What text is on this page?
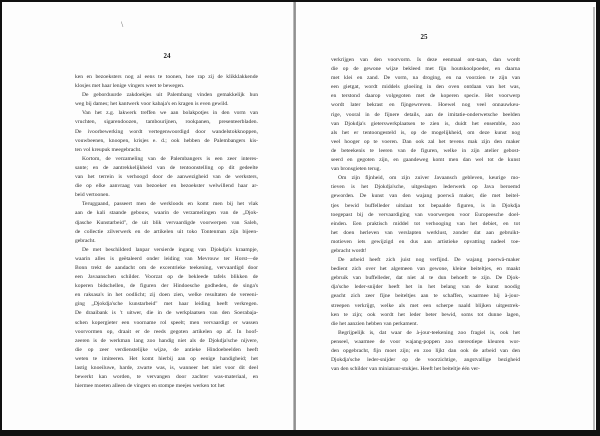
\
24
ken en bezoeksters nog al eens te toonen, hoe rap zij de klikklakkende
klosjes met haar lenige vingers weet te bewegen.
De geborduurde zakdoekjes uit Palembang vinden gemakkelijk hun
weg bij dames; het kantwerk voor kabaja's en kragen is even gewild.
Van het z.g. lakwerk treffen we aan bolakpotjes in den vorm van
vruchten, sigarendoozen, tambourijnen, rookpanen, presenteerbladen.
De ivoorbewerking wordt vertegenwoordigd door wandelstokknoppen,
vouwbeenen, knoopen, krisjes e. d.; ook hebben de Palembangers kis-
ten vol kreupuk meegebracht.
Kortom, de verzameling van de Palembangers is een zeer interes-
sante; en de aantrekkelijkheid van de tentoonstelling op dit gedeelte
van het terrein is verhoogd door de aanwezigheid van de werksters,
die op elke aanvraag van bezoeker en bezoekster welwillend haar ar-
beid vertoonen.
Teruggaand, passeert men de werkloods en komt men bij het vlak
aan de kali staande gebouw, waarin de verzamelingen van de „Djok-
djasche Kunstarbeid", de uit blik vervaardigde voorwerpen van Saleh,
de collectie zilverwerk en de artikelen uit toko Tontenman zijn bijeen-
gebracht.
De met beschilderd lanpar versierde ingang van Djokdja's kraampje,
waarin alles is geëtaleerd onder leiding van Mevrouw ter Horst—de
Bonn trekt de aandacht om de excentrieke teekening, vervaardigd door
een Javaanschen schilder. Voorzat op de bekleede tafels blikken de
koperen bidschellen, de figuren der Hindoesche godheden, de singa's
en raksasa's in het oodlicht; zij doen zien, welke resultaten de vereeni-
ging „Djokdja'sche kunstarbeid" met haar leiding heeft verkregen.
De draaibank is 't uitwer, die in de werkplaatsen van den Soerabaja-
schen kopergieter een voorname rol speelt; men vervaardigt er wassen
voorvormen op, draait er de reeds gegoten artikelen op af. In hoof-
zeeren is de werkman lang zoo handig niet als de Djokdja'sche nijvere,
die op zeer verdienstelijke wijze, de antieke Hindoebeelden heeft
weten te imiteeren. Het komt hierbij aan op eenige handigheid; het
lastig knoeiluwe, harde, zwarte was, is, wanneer het niet voor dit deel
bewerkt kan worden, te vervangen door zachter was-materiaal, en
hiermee moeten alleen de vingers en stompe meejes werken tot het
25
verkrijgen van den voorvorm. Is deze eenmaal ont-taan, dan wordt
die op de gewone wijze bekleed met fijn houtskoolpoeder, en daarna
met klei en zand. De vorm, na droging, en na voorzien te zijn van
een gietgat, wordt middels gloeiing in den oven ontdaan van het was,
en terstond daarop volgegoten met de koperen specie. Het voorwerp
wordt later bekrast en fijngewreven. Hoewel nog veel onnauwkeu-
rige, vooral in de fijnere details, aan de imitatie-onderwetsche beelden
van Djokdja's gieterswerkplaatsen te zien is, duidt het ensemble, zoo
als het er tentoongesteld is, op de mogelijkheid, om deze kunst nog
veel hooger op te voeren. Dan ook zal het tevens mak zijn den maker
de beteekenis te leeren van de figuren, welke in zijn atelier gebost-
seerd en gegoten zijn, en gaandeweg komt men dan wel tot de kunst
van bronsgieten terug.
Om zijn fijnheid, om zijn zuiver Javaansch gebleven, keurige mo-
tieven is het Djokdja'sche, uitgeslagen lederwerk op Java beroemd
geworden. De kunst van den wajang poerwâ maker, die met beitel-
tjes bewid buffelleder uitslaat tot bepaalde figuren, is in Djokdja
toegepast bij de vervaardiging van voorwerpen voor Europeesche doel-
einden. Een praktisch middel tot verhooging van het debiet, en tot
het doen herleven van verslapten werklust, zonder dat aan gebruikt-
motieven iets gewijzigd en dus aan artistieke opvatting nadeel toe-
gebracht wordt!
De arbeid heeft zich juist nog verfijnd. De wajang poerwâ-maker
bedient zich over het algemeen van gewone, kleine beiteltjes, en maakt
gebruik van buffelleder, dat niet al te dun behoeft te zijn. De Djok-
dja'sche leder-snijder heeft het in het belang van de kunst noodig
geacht zich zeer fijne beiteltjes aan te schaffen, waarmee hij à-jour-
streepen verkrijgt, welke als met een scherpe naald blijken uitgestrek-
ken te zijn; ook wordt het leder beter bewid, soms tot dunne lagen,
die het aanzien hebben van perkament.
Begrijpelijk is, dat waar de à-jour-teekening zoo fragiel is, ook het
penseel, waarmee de voor wajang-poppen zoo stereotiepe kleuren wor-
den opgebracht, fijn moet zijn; en zoo lijkt dan ook de arbeid van den
Djokdja'sche leder-snijder op de voorzichtige, angstvallige bezigheid
van den schilder van miniatuur-stukjes. Heeft het beiteltje één ver-
